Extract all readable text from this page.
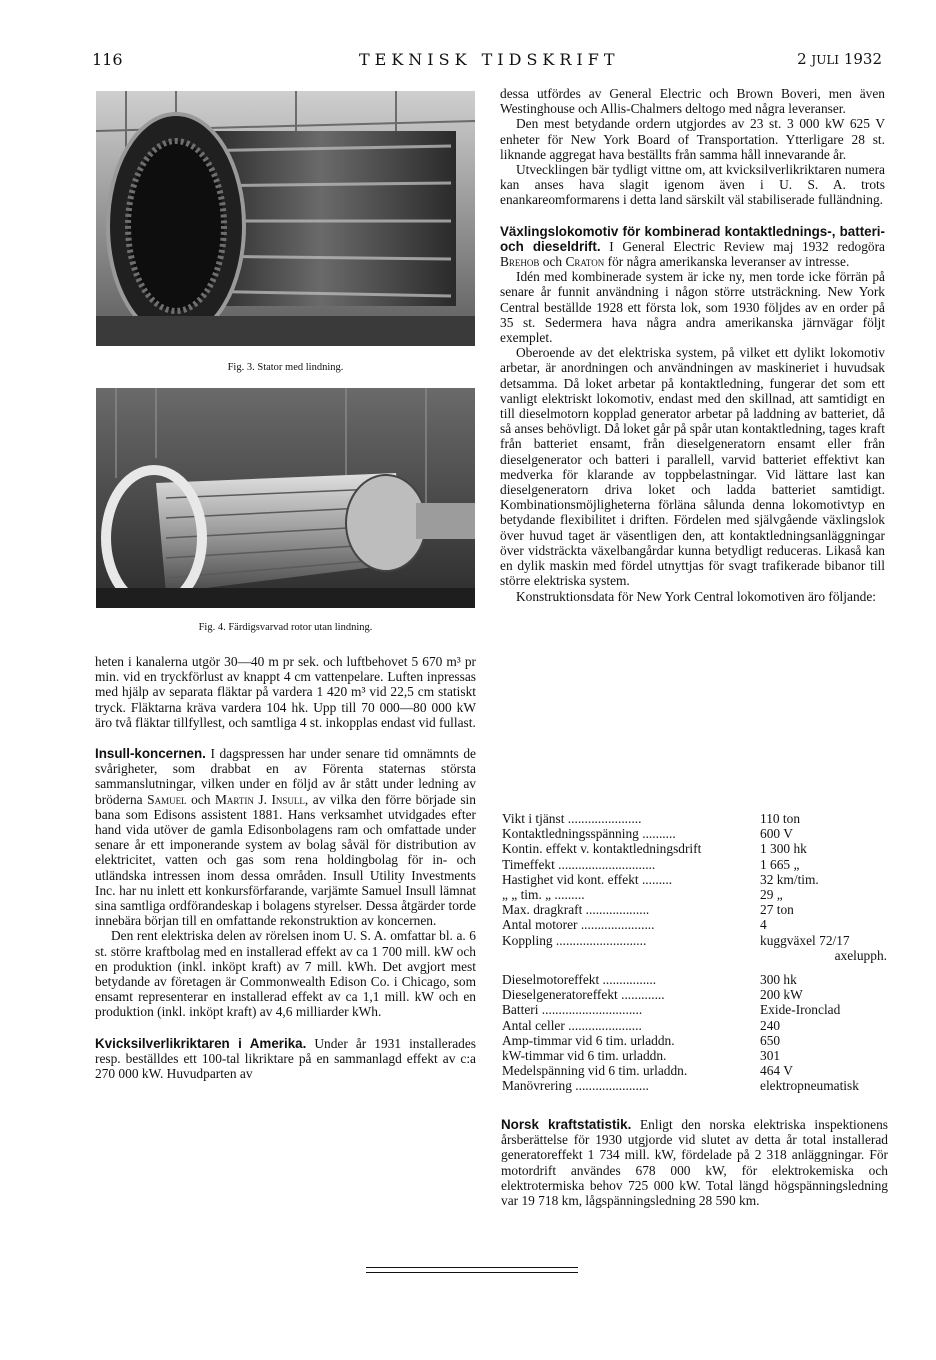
116	TEKNISK TIDSKRIFT	2 JULI 1932
Fig. 3. Stator med lindning.
Fig. 4. Färdigsvarvad rotor utan lindning.

heten i kanalerna utgör 30—40 m pr sek. och luftbehovet 5 670 m³ pr min. vid en tryckförlust av knappt 4 cm vattenpelare. Luften inpressas med hjälp av separata fläktar på vardera 1 420 m³ vid 22,5 cm statiskt tryck. Fläktarna kräva vardera 104 hk. Upp till 70 000—80 000 kW äro två fläktar tillfyllest, och samtliga 4 st. inkopplas endast vid fullast.

Insull-koncernen. I dagspressen har under senare tid omnämnts de svårigheter, som drabbat en av Förenta staternas största sammanslutningar, vilken under en följd av år stått under ledning av bröderna Samuel och Martin J. Insull, av vilka den förre började sin bana som Edisons assistent 1881. Hans verksamhet utvidgades efter hand vida utöver de gamla Edisonbolagens ram och omfattade under senare år ett imponerande system av bolag såväl för distribution av elektricitet, vatten och gas som rena holdingbolag för in- och utländska intressen inom dessa områden. Insull Utility Investments Inc. har nu inlett ett konkursförfarande, varjämte Samuel Insull lämnat sina samtliga ordförandeskap i bolagens styrelser. Dessa åtgärder torde innebära början till en omfattande rekonstruktion av koncernen.

Den rent elektriska delen av rörelsen inom U. S. A. omfattar bl. a. 6 st. större kraftbolag med en installerad effekt av ca 1 700 mill. kW och en produktion (inkl. inköpt kraft) av 7 mill. kWh. Det avgjort mest betydande av företagen är Commonwealth Edison Co. i Chicago, som ensamt representerar en installerad effekt av ca 1,1 mill. kW och en produktion (inkl. inköpt kraft) av 4,6 milliarder kWh.

Kvicksilverlikriktaren i Amerika. Under år 1931 installerades resp. beställdes ett 100-tal likriktare på en sammanlagd effekt av c:a 270 000 kW. Huvudparten av

dessa utfördes av General Electric och Brown Boveri, men även Westinghouse och Allis-Chalmers deltogo med några leveranser.

Den mest betydande ordern utgjordes av 23 st. 3 000 kW 625 V enheter för New York Board of Transportation. Ytterligare 28 st. liknande aggregat hava beställts från samma håll innevarande år.

Utvecklingen bär tydligt vittne om, att kvicksilverlikriktaren numera kan anses hava slagit igenom även i U. S. A. trots enankareomformarens i detta land särskilt väl stabiliserade fulländning.

Växlingslokomotiv för kombinerad kontaktlednings-, batteri- och dieseldrift. I General Electric Review maj 1932 redogöra Brehob och Craton för några amerikanska leveranser av intresse.

Idén med kombinerade system är icke ny, men torde icke förrän på senare år funnit användning i någon större utsträckning. New York Central beställde 1928 ett första lok, som 1930 följdes av en order på 35 st. Sedermera hava några andra amerikanska järnvägar följt exemplet.

Oberoende av det elektriska system, på vilket ett dylikt lokomotiv arbetar, är anordningen och användningen av maskineriet i huvudsak detsamma. Då loket arbetar på kontaktledning, fungerar det som ett vanligt elektriskt lokomotiv, endast med den skillnad, att samtidigt en till dieselmotorn kopplad generator arbetar på laddning av batteriet, då så anses behövligt. Då loket går på spår utan kontaktledning, tages kraft från batteriet ensamt, från dieselgeneratorn ensamt eller från dieselgenerator och batteri i parallell, varvid batteriet effektivt kan medverka för klarande av toppbelastningar. Vid lättare last kan dieselgeneratorn driva loket och ladda batteriet samtidigt. Kombinationsmöjligheterna förläna sålunda denna lokomotivtyp en betydande flexibilitet i driften. Fördelen med självgående växlingslok över huvud taget är väsentligen den, att kontaktledningsanläggningar över vidsträckta växelbangårdar kunna betydligt reduceras. Likaså kan en dylik maskin med fördel utnyttjas för svagt trafikerade bibanor till större elektriska system.

Konstruktionsdata för New York Central lokomotiven äro följande:

Vikt i tjänst ......................	110 ton
Kontaktledningsspänning ..........	600 V
Kontin. effekt v. kontaktledningsdrift	1 300 hk
Timeffekt .............................	1 665 „
Hastighet vid kont. effekt .........	32 km/tim.
„ „ tim. „ .........	29 „
Max. dragkraft ...................	27 ton
Antal motorer ......................	4
Koppling ...........................	kuggväxel 72/17
	axelupph.

Dieselmotoreffekt ................	300 hk
Dieselgeneratoreffekt .............	200 kW
Batteri ..............................	Exide-Ironclad
Antal celler ......................	240
Amp-timmar vid 6 tim. urladdn.	650
kW-timmar vid 6 tim. urladdn.	301
Medelspänning vid 6 tim. urladdn.	464 V
Manövrering ......................	elektropneumatisk

Norsk kraftstatistik. Enligt den norska elektriska inspektionens årsberättelse för 1930 utgjorde vid slutet av detta år total installerad generatoreffekt 1 734 mill. kW, fördelade på 2 318 anläggningar. För motordrift användes 678 000 kW, för elektrokemiska och elektrotermiska behov 725 000 kW. Total längd högspänningsledning var 19 718 km, lågspänningsledning 28 590 km.
